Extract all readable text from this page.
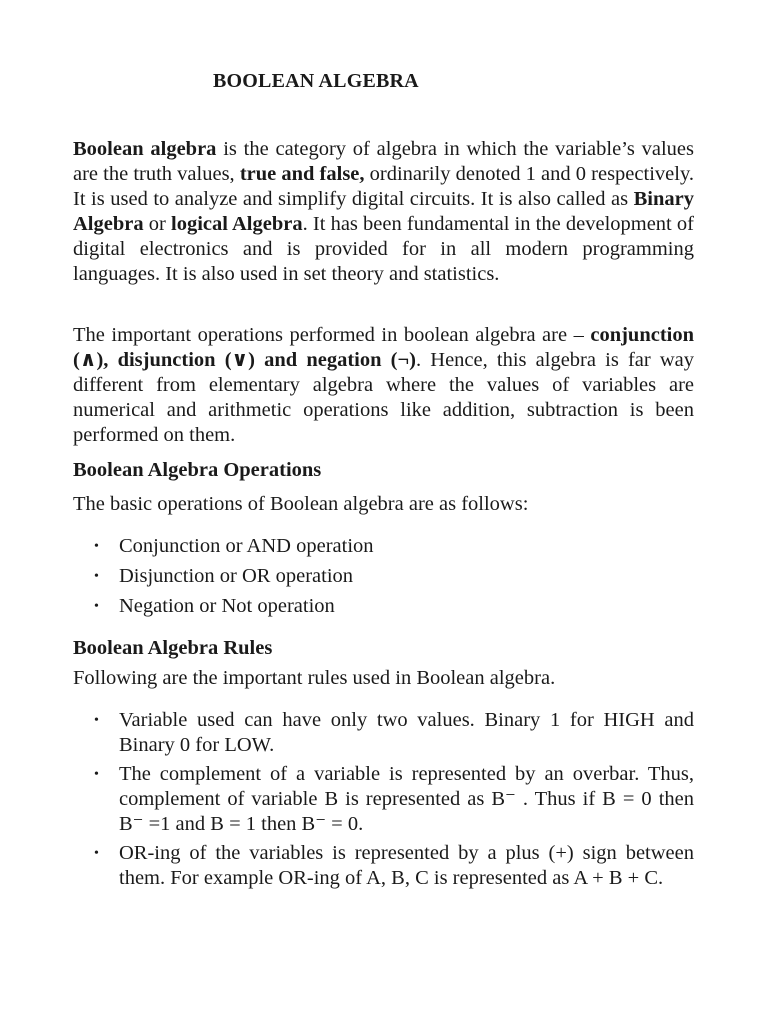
BOOLEAN ALGEBRA

Boolean algebra is the category of algebra in which the variable’s values are the truth values, true and false, ordinarily denoted 1 and 0 respectively. It is used to analyze and simplify digital circuits. It is also called as Binary Algebra or logical Algebra. It has been fundamental in the development of digital electronics and is provided for in all modern programming languages. It is also used in set theory and statistics.

The important operations performed in boolean algebra are – conjunction (∧), disjunction (∨) and negation (¬). Hence, this algebra is far way different from elementary algebra where the values of variables are numerical and arithmetic operations like addition, subtraction is been performed on them.

Boolean Algebra Operations

The basic operations of Boolean algebra are as follows:

• Conjunction or AND operation
• Disjunction or OR operation
• Negation or Not operation
Boolean Algebra Rules

Following are the important rules used in Boolean algebra.

• Variable used can have only two values. Binary 1 for HIGH and Binary 0 for LOW.
• The complement of a variable is represented by an overbar. Thus, complement of variable B is represented as B⁻ . Thus if B = 0 then B⁻ =1 and B = 1 then B⁻ = 0.
• OR-ing of the variables is represented by a plus (+) sign between them. For example OR-ing of A, B, C is represented as A + B + C.
